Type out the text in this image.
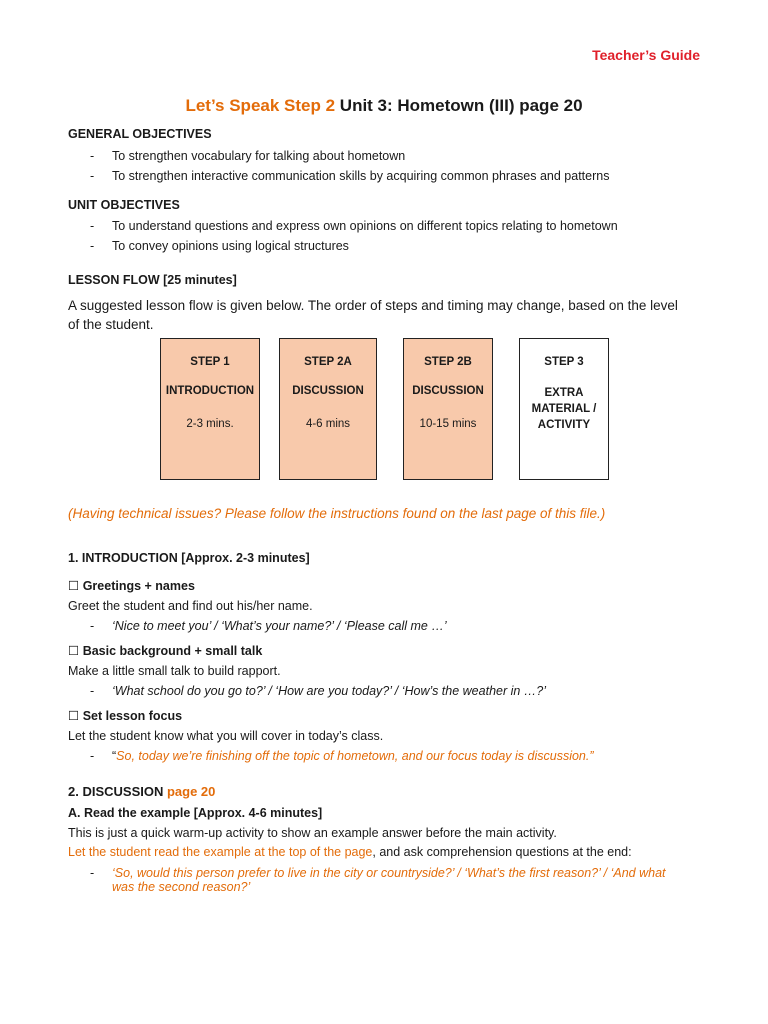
Teacher’s Guide
Let’s Speak Step 2 Unit 3: Hometown (III) page 20
GENERAL OBJECTIVES
- To strengthen vocabulary for talking about hometown
- To strengthen interactive communication skills by acquiring common phrases and patterns
UNIT OBJECTIVES
- To understand questions and express own opinions on different topics relating to hometown
- To convey opinions using logical structures
LESSON FLOW [25 minutes]
A suggested lesson flow is given below. The order of steps and timing may change, based on the level
of the student.
STEP 1
INTRODUCTION
2-3 mins.
STEP 2A
DISCUSSION
4-6 mins
STEP 2B
DISCUSSION
10-15 mins
STEP 3
EXTRA
MATERIAL /
ACTIVITY
(Having technical issues? Please follow the instructions found on the last page of this file.)
1. INTRODUCTION [Approx. 2-3 minutes]
☐ Greetings + names
Greet the student and find out his/her name.
- ‘Nice to meet you’ / ‘What’s your name?’ / ‘Please call me …’
☐ Basic background + small talk
Make a little small talk to build rapport.
- ‘What school do you go to?’ / ‘How are you today?’ / ‘How’s the weather in …?’
☐ Set lesson focus
Let the student know what you will cover in today’s class.
- “So, today we’re finishing off the topic of hometown, and our focus today is discussion.”
2. DISCUSSION page 20
A. Read the example [Approx. 4-6 minutes]
This is just a quick warm-up activity to show an example answer before the main activity.
Let the student read the example at the top of the page, and ask comprehension questions at the end:
-	‘So, would this person prefer to live in the city or countryside?’ / ‘What’s the first reason?’ / ‘And what
was the second reason?’
